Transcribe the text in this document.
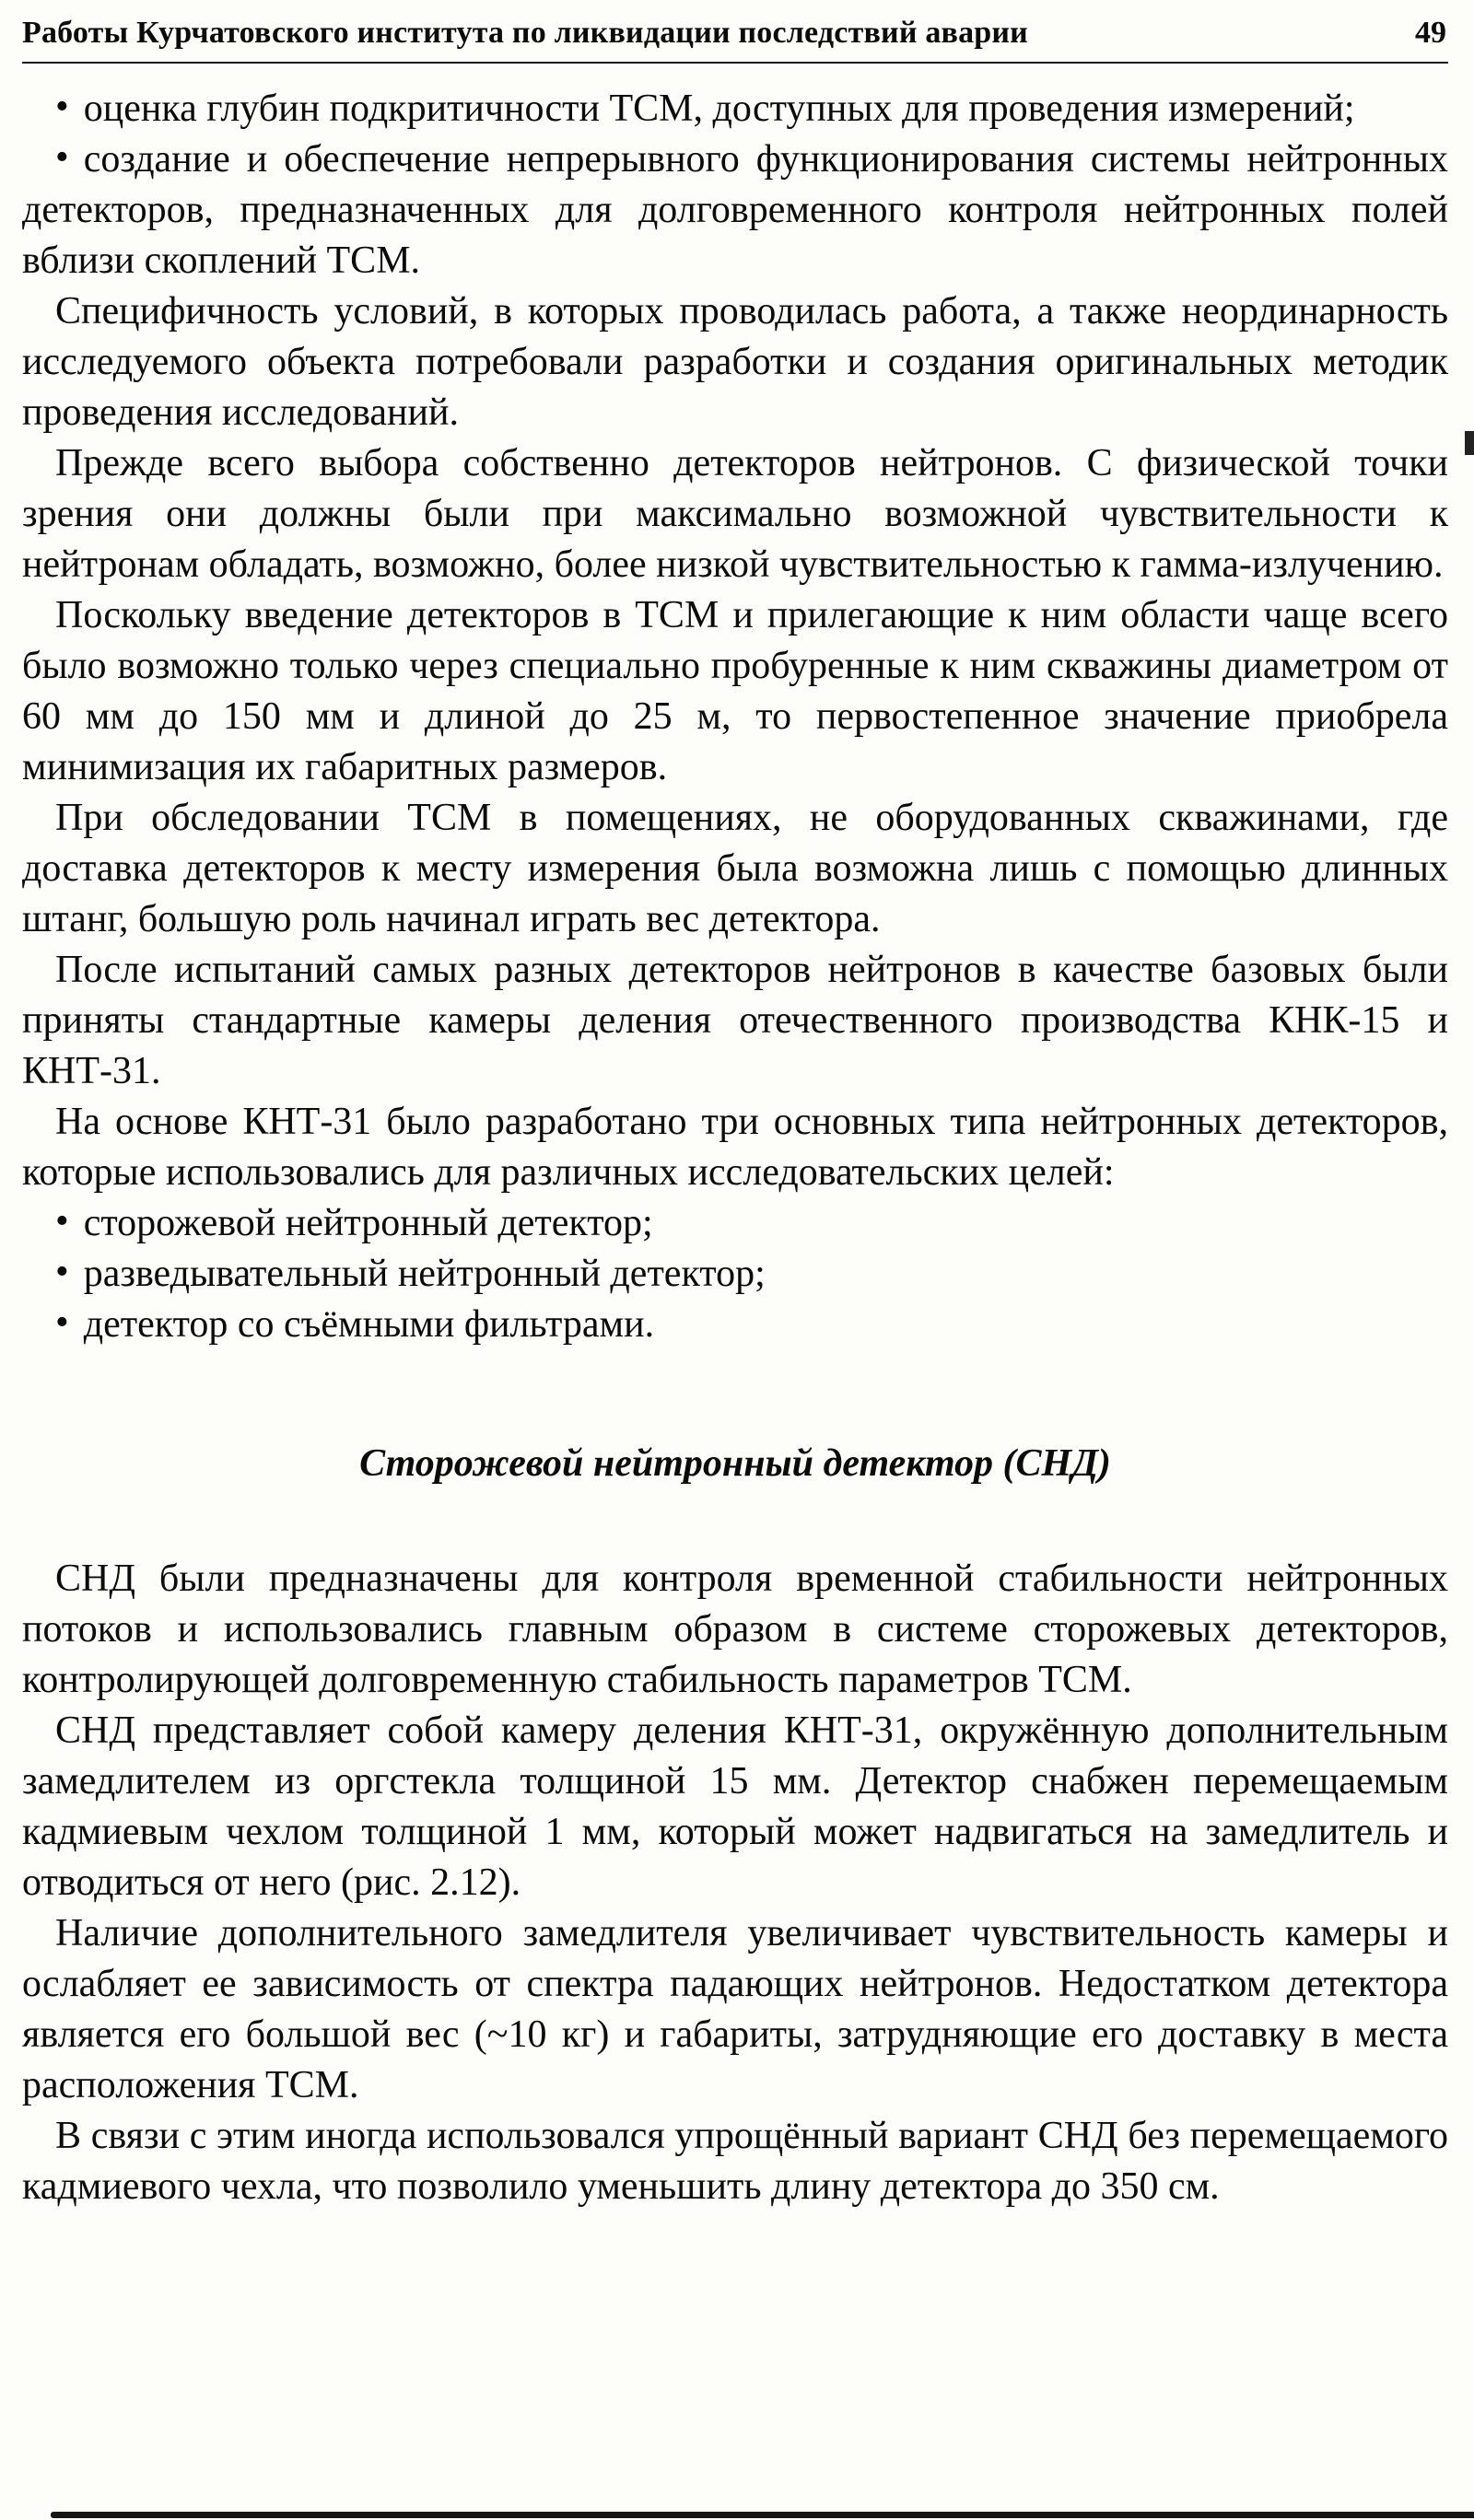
Работы Курчатовского института по ликвидации последствий аварии	49

• оценка глубин подкритичности ТСМ, доступных для проведения измерений;

• создание и обеспечение непрерывного функционирования системы нейтронных детекторов, предназначенных для долговременного контроля нейтронных полей вблизи скоплений ТСМ.

Специфичность условий, в которых проводилась работа, а также неординарность исследуемого объекта потребовали разработки и создания оригинальных методик проведения исследований.

Прежде всего выбора собственно детекторов нейтронов. С физической точки зрения они должны были при максимально возможной чувствительности к нейтронам обладать, возможно, более низкой чувствительностью к гамма-излучению.

Поскольку введение детекторов в ТСМ и прилегающие к ним области чаще всего было возможно только через специально пробуренные к ним скважины диаметром от 60 мм до 150 мм и длиной до 25 м, то первостепенное значение приобрела минимизация их габаритных размеров.

При обследовании ТСМ в помещениях, не оборудованных скважинами, где доставка детекторов к месту измерения была возможна лишь с помощью длинных штанг, большую роль начинал играть вес детектора.

После испытаний самых разных детекторов нейтронов в качестве базовых были приняты стандартные камеры деления отечественного производства КНК-15 и КНТ-31.

На основе КНТ-31 было разработано три основных типа нейтронных детекторов, которые использовались для различных исследовательских целей:

• сторожевой нейтронный детектор;

• разведывательный нейтронный детектор;

• детектор со съёмными фильтрами.

Сторожевой нейтронный детектор (СНД)

СНД были предназначены для контроля временной стабильности нейтронных потоков и использовались главным образом в системе сторожевых детекторов, контролирующей долговременную стабильность параметров ТСМ.

СНД представляет собой камеру деления КНТ-31, окружённую дополнительным замедлителем из оргстекла толщиной 15 мм. Детектор снабжен перемещаемым кадмиевым чехлом толщиной 1 мм, который может надвигаться на замедлитель и отводиться от него (рис. 2.12).

Наличие дополнительного замедлителя увеличивает чувствительность камеры и ослабляет ее зависимость от спектра падающих нейтронов. Недостатком детектора является его большой вес (~10 кг) и габариты, затрудняющие его доставку в места расположения ТСМ.

В связи с этим иногда использовался упрощённый вариант СНД без перемещаемого кадмиевого чехла, что позволило уменьшить длину детектора до 350 см.
